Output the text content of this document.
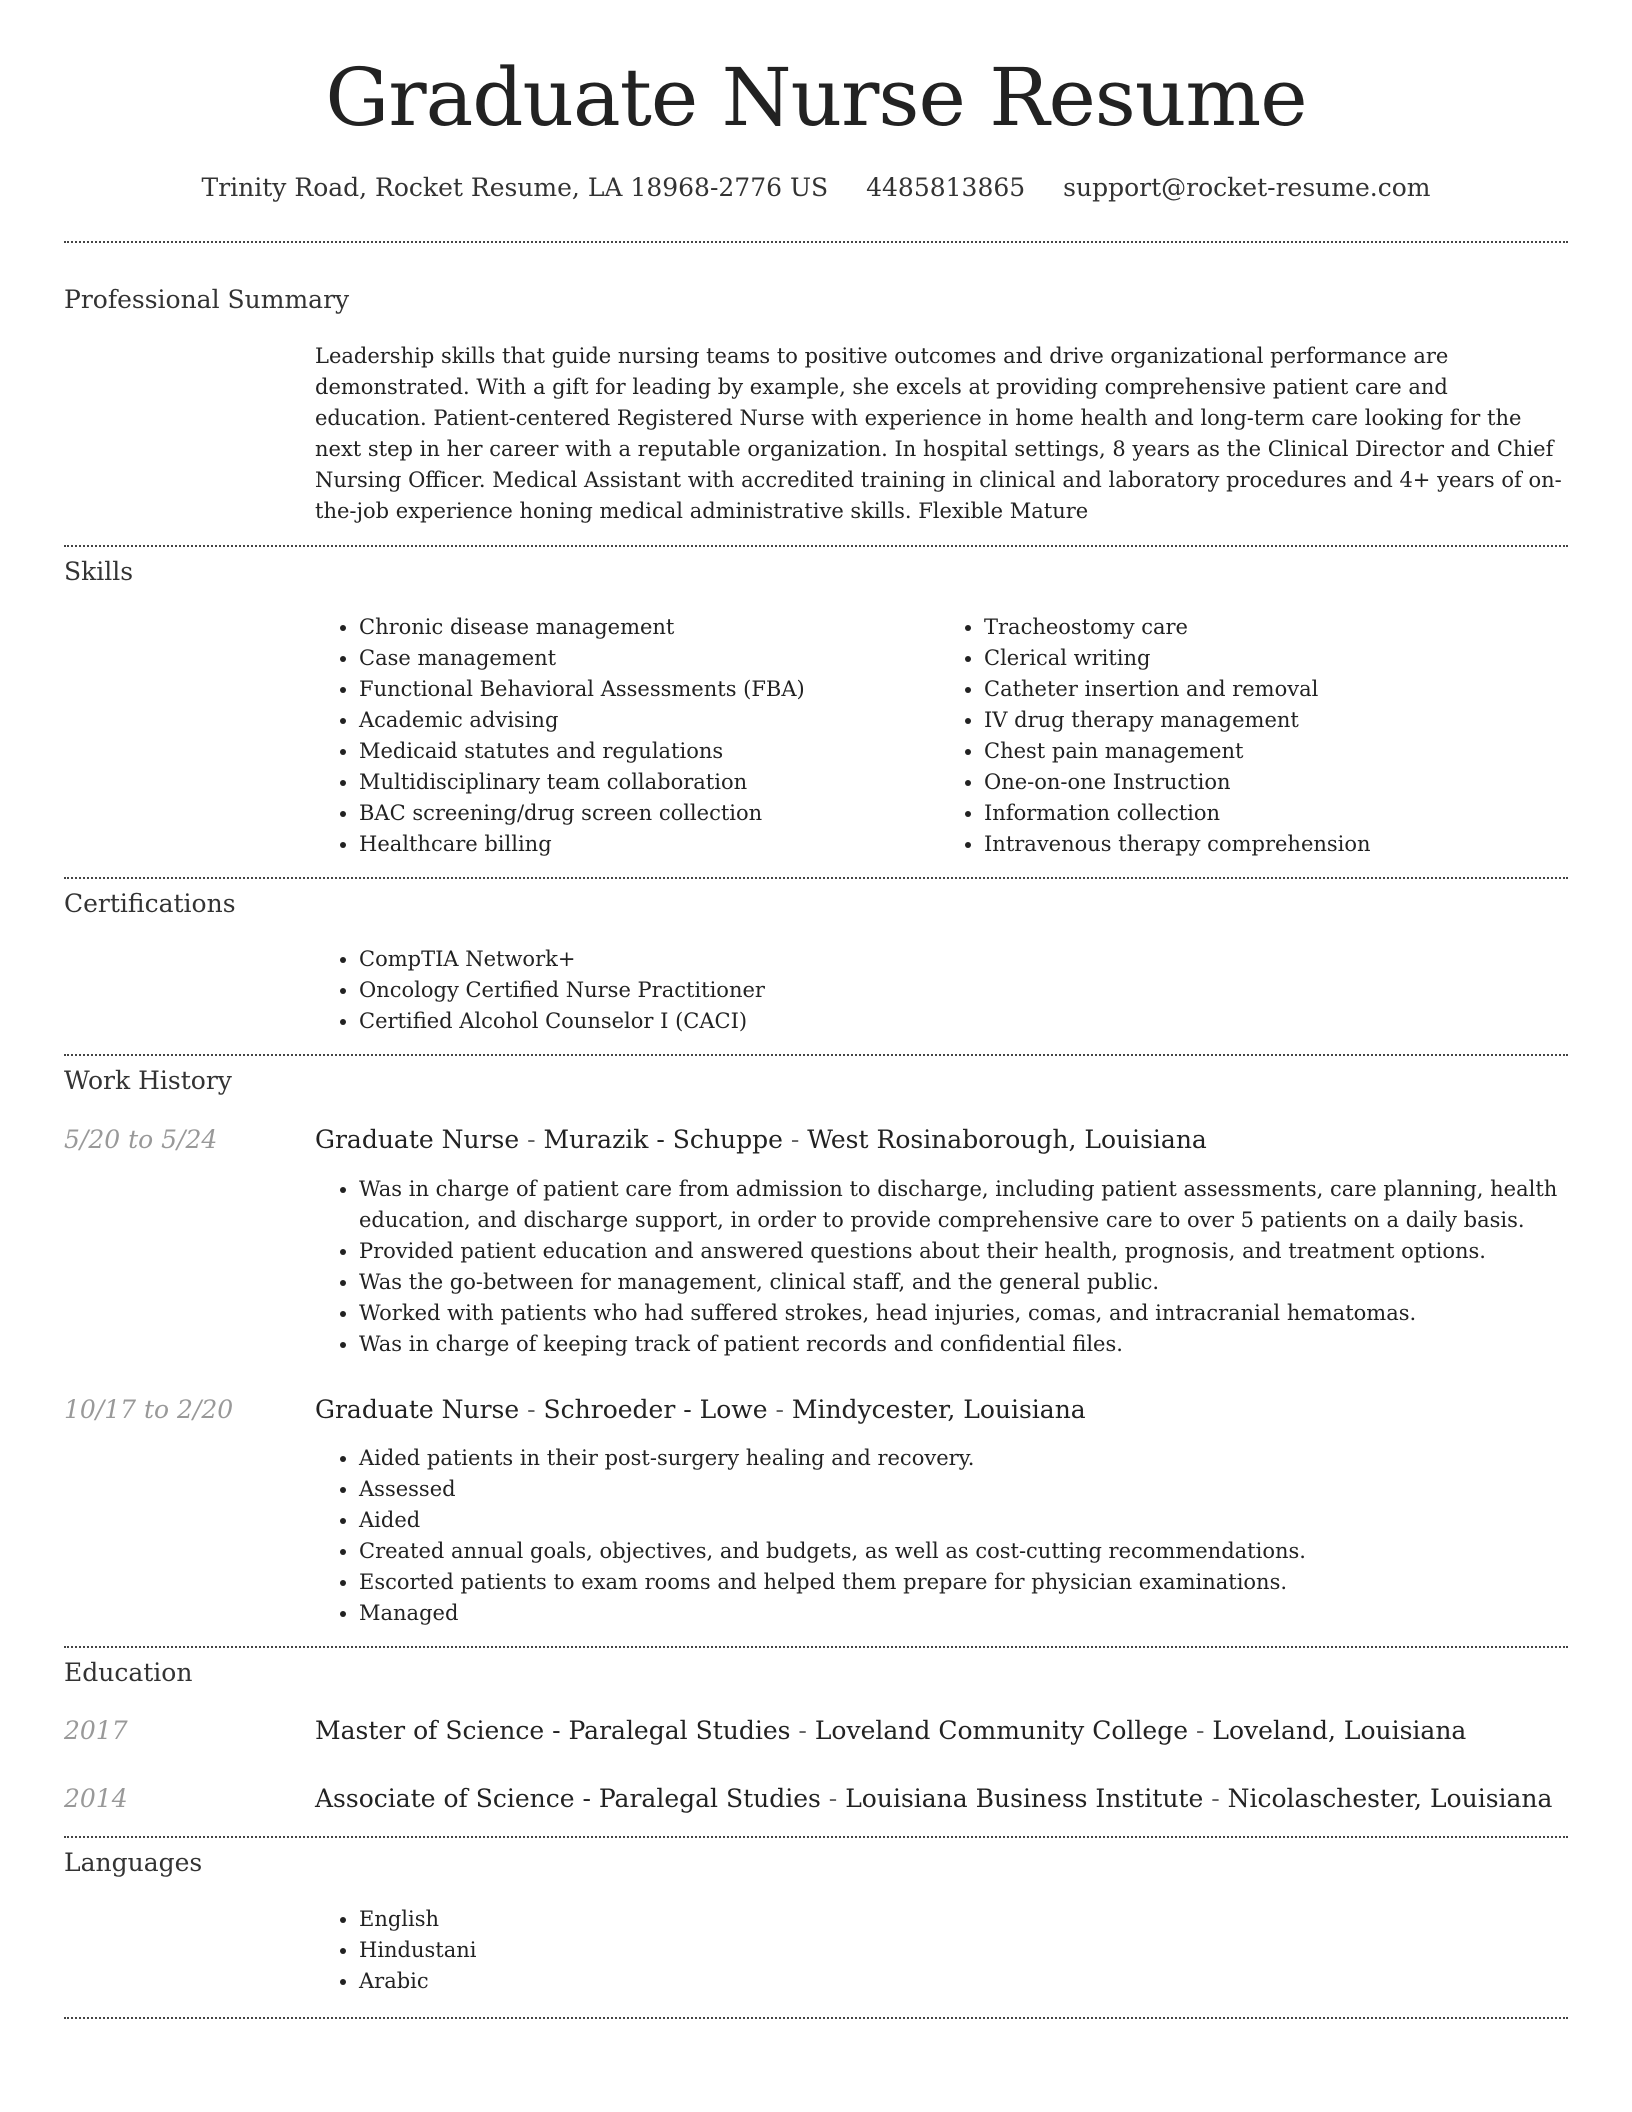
Graduate Nurse Resume
Trinity Road, Rocket Resume, LA 18968-2776 US 4485813865 support@rocket-resume.com
Professional Summary
Leadership skills that guide nursing teams to positive outcomes and drive organizational performance are demonstrated. With a gift for leading by example, she excels at providing comprehensive patient care and education. Patient-centered Registered Nurse with experience in home health and long-term care looking for the next step in her career with a reputable organization. In hospital settings, 8 years as the Clinical Director and Chief Nursing Officer. Medical Assistant with accredited training in clinical and laboratory procedures and 4+ years of on-the-job experience honing medical administrative skills. Flexible Mature
Skills
• Chronic disease management
• Case management
• Functional Behavioral Assessments (FBA)
• Academic advising
• Medicaid statutes and regulations
• Multidisciplinary team collaboration
• BAC screening/drug screen collection
• Healthcare billing
• Tracheostomy care
• Clerical writing
• Catheter insertion and removal
• IV drug therapy management
• Chest pain management
• One-on-one Instruction
• Information collection
• Intravenous therapy comprehension
Certifications
• CompTIA Network+
• Oncology Certified Nurse Practitioner
• Certified Alcohol Counselor I (CACI)
Work History
5/20 to 5/24	Graduate Nurse - Murazik - Schuppe - West Rosinaborough, Louisiana
• Was in charge of patient care from admission to discharge, including patient assessments, care planning, health education, and discharge support, in order to provide comprehensive care to over 5 patients on a daily basis.
• Provided patient education and answered questions about their health, prognosis, and treatment options.
• Was the go-between for management, clinical staff, and the general public.
• Worked with patients who had suffered strokes, head injuries, comas, and intracranial hematomas.
• Was in charge of keeping track of patient records and confidential files.
10/17 to 2/20	Graduate Nurse - Schroeder - Lowe - Mindycester, Louisiana
• Aided patients in their post-surgery healing and recovery.
• Assessed
• Aided
• Created annual goals, objectives, and budgets, as well as cost-cutting recommendations.
• Escorted patients to exam rooms and helped them prepare for physician examinations.
• Managed
Education
2017	Master of Science - Paralegal Studies - Loveland Community College - Loveland, Louisiana
2014	Associate of Science - Paralegal Studies - Louisiana Business Institute - Nicolaschester, Louisiana
Languages
• English
• Hindustani
• Arabic
